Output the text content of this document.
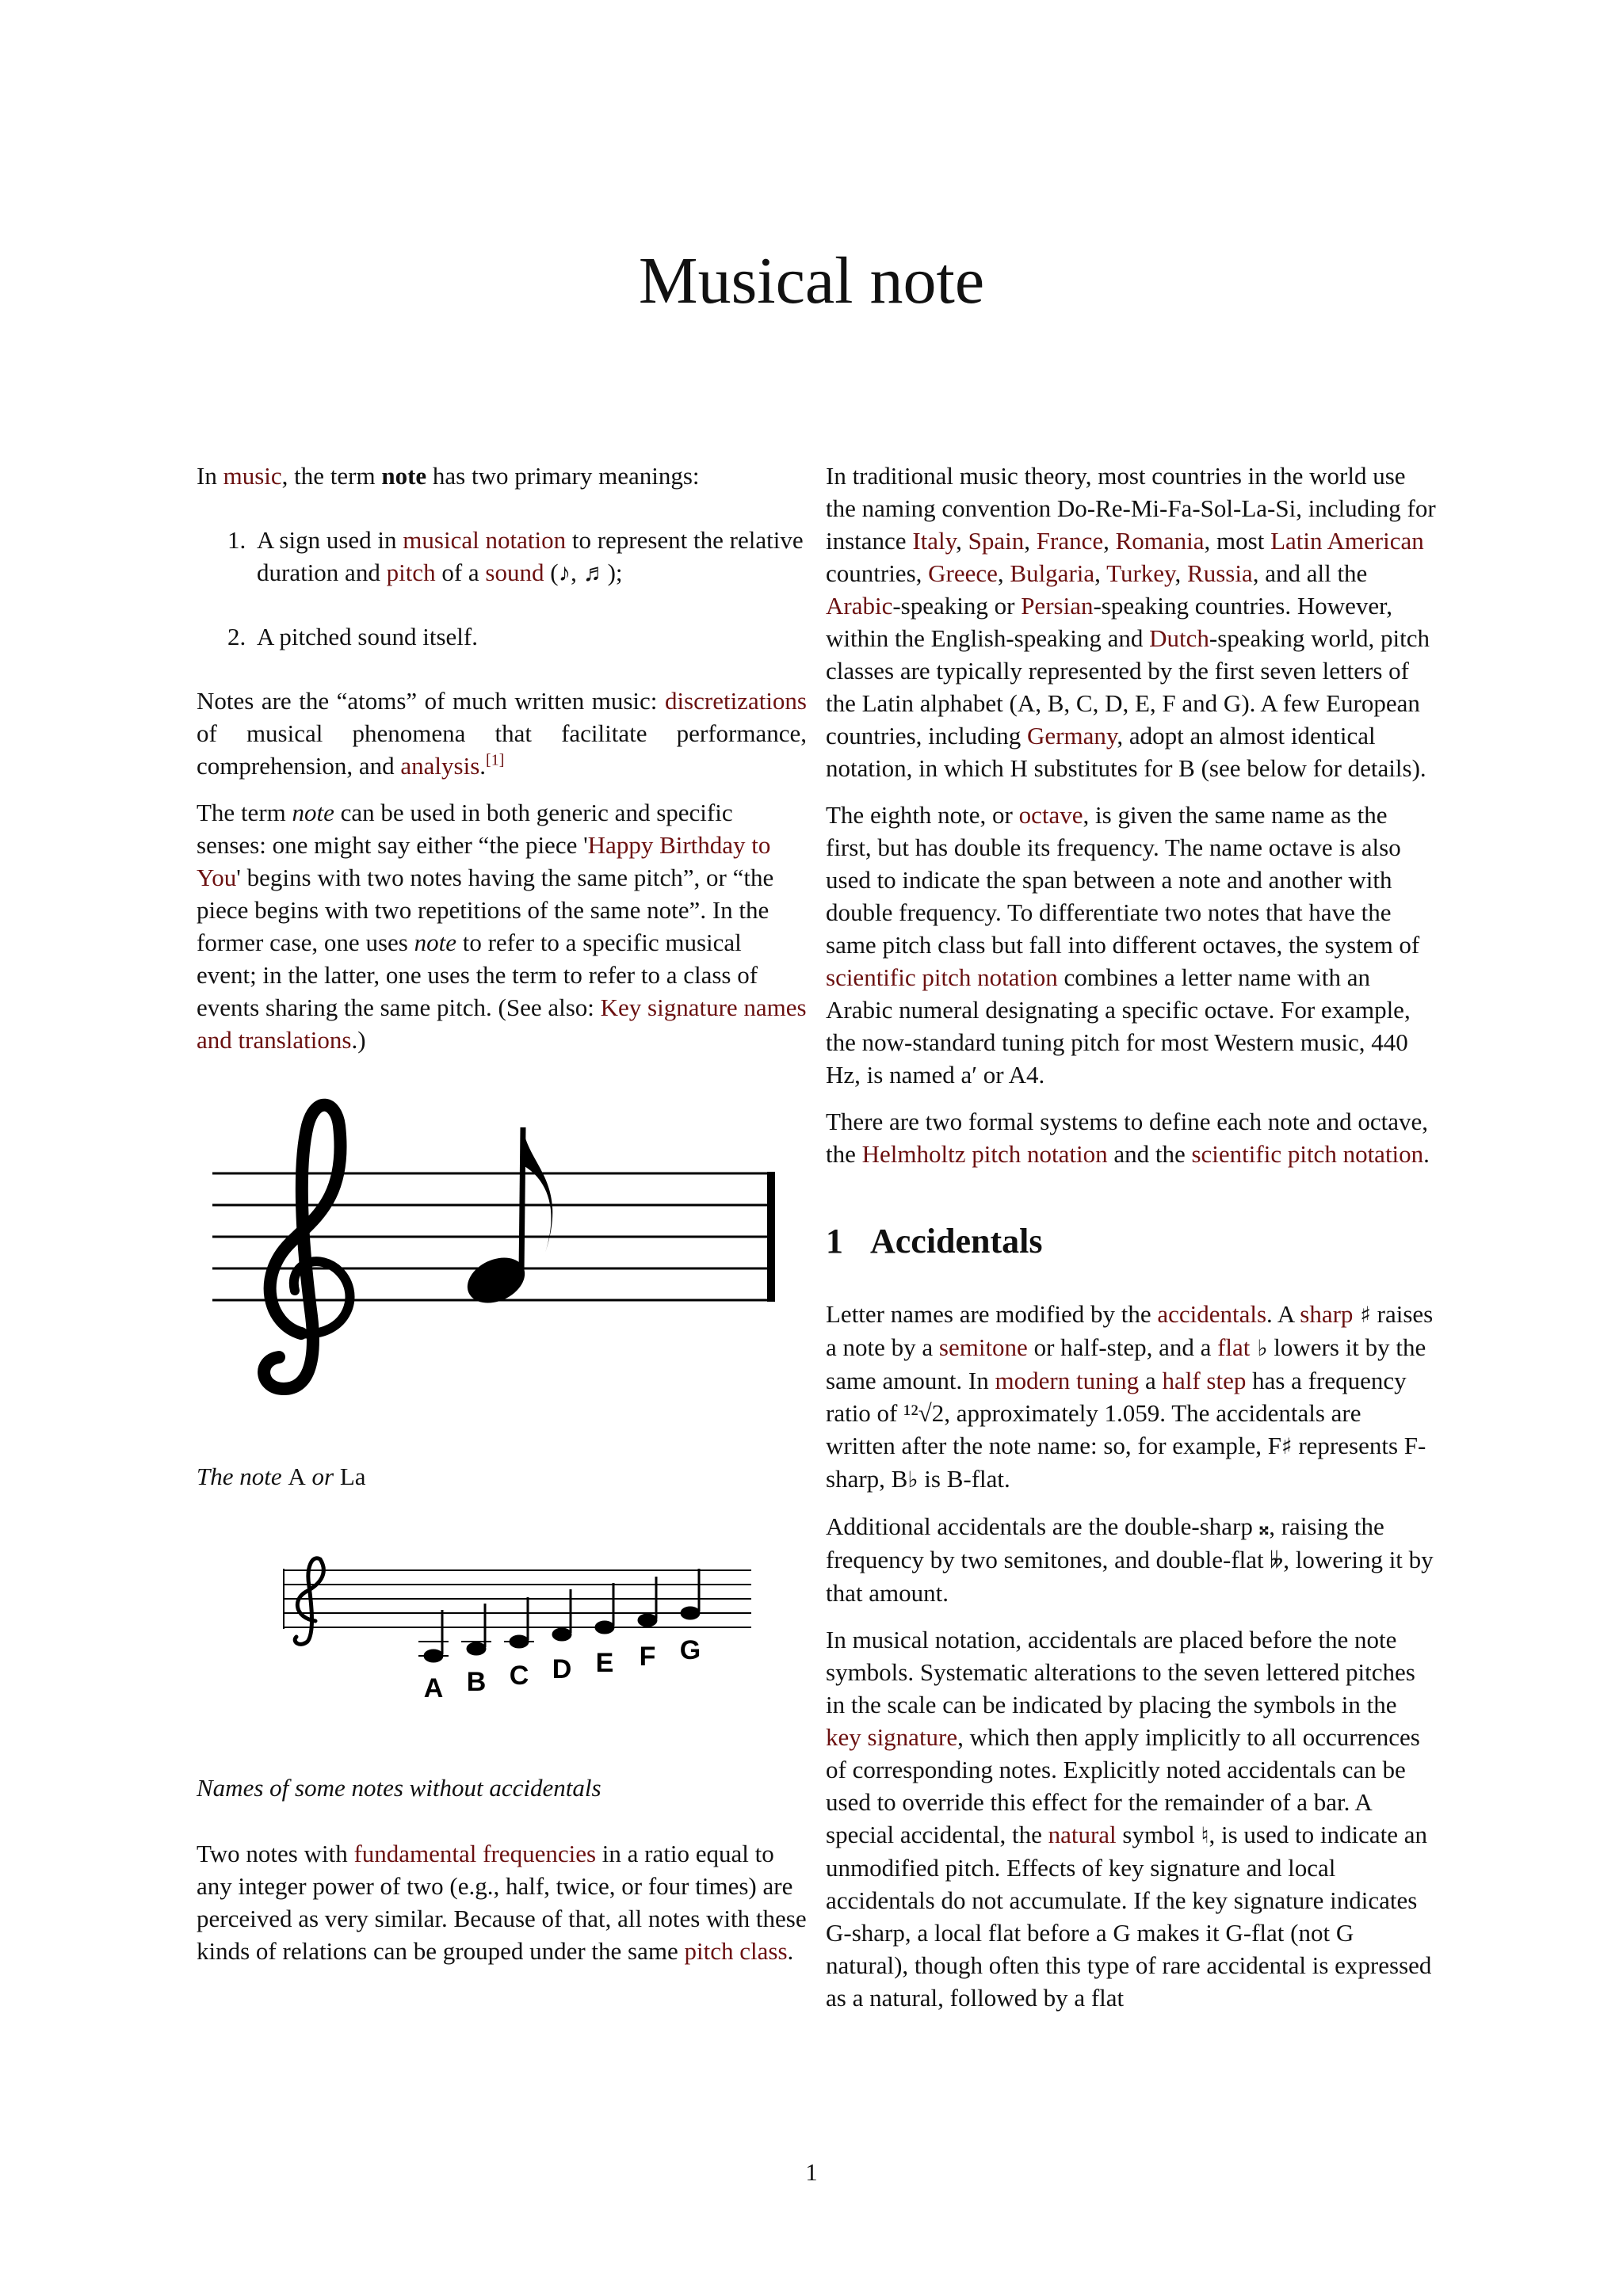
Musical note

In music, the term note has two primary meanings:

1. A sign used in musical notation to represent the relative duration and pitch of a sound (♪, ♬);
2. A pitched sound itself.

Notes are the “atoms” of much written music: discretizations of musical phenomena that facilitate performance, comprehension, and analysis.[1]

The term note can be used in both generic and specific senses: one might say either “the piece 'Happy Birthday to You' begins with two notes having the same pitch”, or “the piece begins with two repetitions of the same note”. In the former case, one uses note to refer to a specific musical event; in the latter, one uses the term to refer to a class of events sharing the same pitch. (See also: Key signature names and translations.)

The note A or La

A B C D E F G

Names of some notes without accidentals

Two notes with fundamental frequencies in a ratio equal to any integer power of two (e.g., half, twice, or four times) are perceived as very similar. Because of that, all notes with these kinds of relations can be grouped under the same pitch class.

In traditional music theory, most countries in the world use the naming convention Do-Re-Mi-Fa-Sol-La-Si, including for instance Italy, Spain, France, Romania, most Latin American countries, Greece, Bulgaria, Turkey, Russia, and all the Arabic-speaking or Persian-speaking countries. However, within the English-speaking and Dutch-speaking world, pitch classes are typically represented by the first seven letters of the Latin alphabet (A, B, C, D, E, F and G). A few European countries, including Germany, adopt an almost identical notation, in which H substitutes for B (see below for details).

The eighth note, or octave, is given the same name as the first, but has double its frequency. The name octave is also used to indicate the span between a note and another with double frequency. To differentiate two notes that have the same pitch class but fall into different octaves, the system of scientific pitch notation combines a letter name with an Arabic numeral designating a specific octave. For example, the now-standard tuning pitch for most Western music, 440 Hz, is named a′ or A4.

There are two formal systems to define each note and octave, the Helmholtz pitch notation and the scientific pitch notation.

1 Accidentals

Letter names are modified by the accidentals. A sharp ♯ raises a note by a semitone or half-step, and a flat ♭ lowers it by the same amount. In modern tuning a half step has a frequency ratio of ¹²√2, approximately 1.059. The accidentals are written after the note name: so, for example, F♯ represents F-sharp, B♭ is B-flat.

Additional accidentals are the double-sharp 𝄪, raising the frequency by two semitones, and double-flat 𝄫, lowering it by that amount.

In musical notation, accidentals are placed before the note symbols. Systematic alterations to the seven lettered pitches in the scale can be indicated by placing the symbols in the key signature, which then apply implicitly to all occurrences of corresponding notes. Explicitly noted accidentals can be used to override this effect for the remainder of a bar. A special accidental, the natural symbol ♮, is used to indicate an unmodified pitch. Effects of key signature and local accidentals do not accumulate. If the key signature indicates G-sharp, a local flat before a G makes it G-flat (not G natural), though often this type of rare accidental is expressed as a natural, followed by a flat

1
